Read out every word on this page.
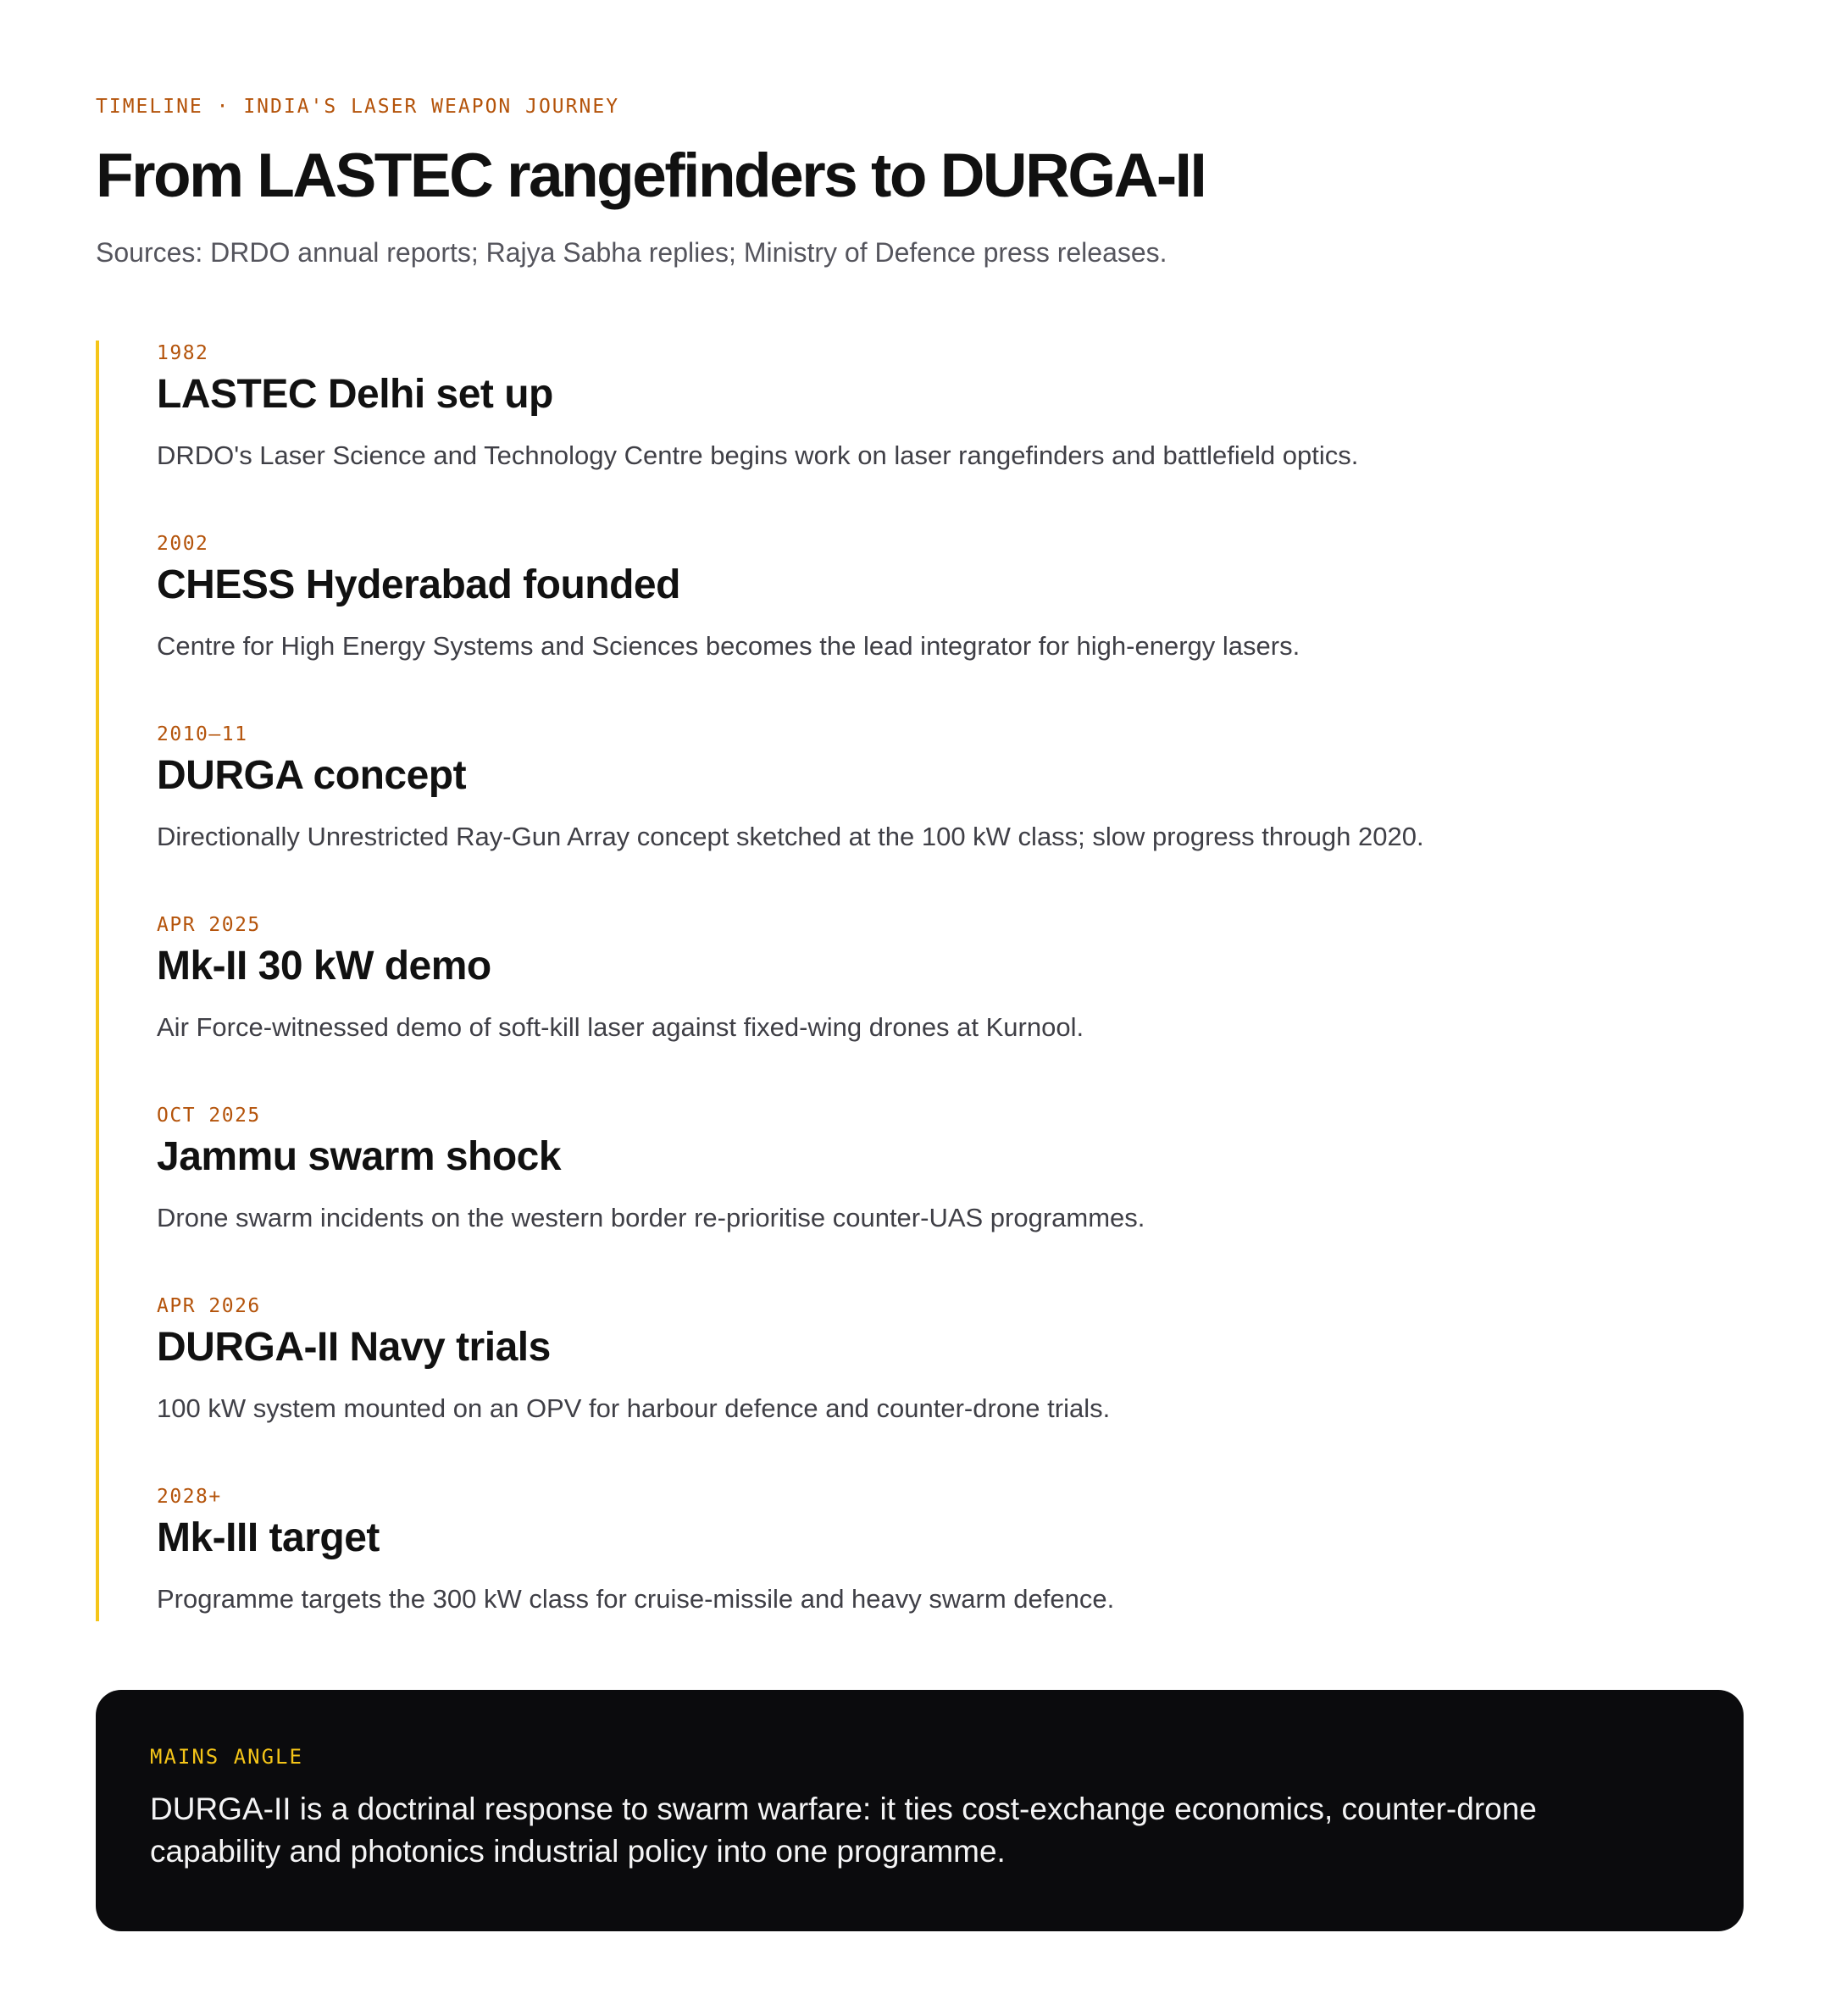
TIMELINE · INDIA'S LASER WEAPON JOURNEY
From LASTEC rangefinders to DURGA-II
Sources: DRDO annual reports; Rajya Sabha replies; Ministry of Defence press releases.
1982
LASTEC Delhi set up
DRDO's Laser Science and Technology Centre begins work on laser rangefinders and battlefield optics.
2002
CHESS Hyderabad founded
Centre for High Energy Systems and Sciences becomes the lead integrator for high-energy lasers.
2010–11
DURGA concept
Directionally Unrestricted Ray-Gun Array concept sketched at the 100 kW class; slow progress through 2020.
APR 2025
Mk-II 30 kW demo
Air Force-witnessed demo of soft-kill laser against fixed-wing drones at Kurnool.
OCT 2025
Jammu swarm shock
Drone swarm incidents on the western border re-prioritise counter-UAS programmes.
APR 2026
DURGA-II Navy trials
100 kW system mounted on an OPV for harbour defence and counter-drone trials.
2028+
Mk-III target
Programme targets the 300 kW class for cruise-missile and heavy swarm defence.
MAINS ANGLE
DURGA-II is a doctrinal response to swarm warfare: it ties cost-exchange economics, counter-drone capability and photonics industrial policy into one programme.
